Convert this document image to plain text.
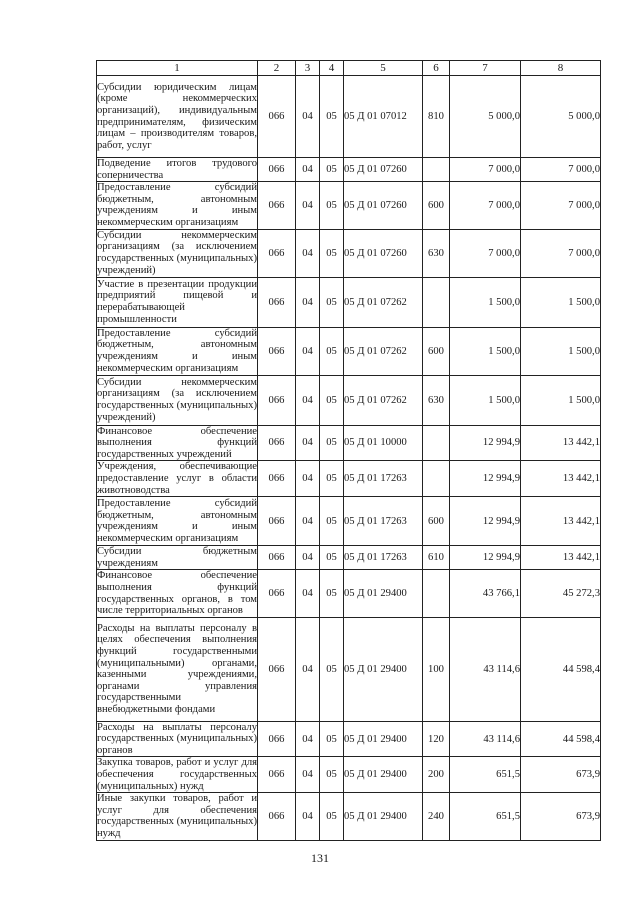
1	2	3	4	5	6	7	8
Субсидии юридическим лицам (кроме некоммерческих организаций), индивидуальным предпринимателям, физическим лицам – производителям товаров, работ, услуг	066	04	05	05 Д 01 07012	810	5 000,0	5 000,0
Подведение итогов трудового соперничества	066	04	05	05 Д 01 07260		7 000,0	7 000,0
Предоставление субсидий бюджетным, автономным учреждениям и иным некоммерческим организациям	066	04	05	05 Д 01 07260	600	7 000,0	7 000,0
Субсидии некоммерческим организациям (за исключением государственных (муниципальных) учреждений)	066	04	05	05 Д 01 07260	630	7 000,0	7 000,0
Участие в презентации продукции предприятий пищевой и перерабатывающей промышленности	066	04	05	05 Д 01 07262		1 500,0	1 500,0
Предоставление субсидий бюджетным, автономным учреждениям и иным некоммерческим организациям	066	04	05	05 Д 01 07262	600	1 500,0	1 500,0
Субсидии некоммерческим организациям (за исключением государственных (муниципальных) учреждений)	066	04	05	05 Д 01 07262	630	1 500,0	1 500,0
Финансовое обеспечение выполнения функций государственных учреждений	066	04	05	05 Д 01 10000		12 994,9	13 442,1
Учреждения, обеспечивающие предоставление услуг в области животноводства	066	04	05	05 Д 01 17263		12 994,9	13 442,1
Предоставление субсидий бюджетным, автономным учреждениям и иным некоммерческим организациям	066	04	05	05 Д 01 17263	600	12 994,9	13 442,1
Субсидии бюджетным учреждениям	066	04	05	05 Д 01 17263	610	12 994,9	13 442,1
Финансовое обеспечение выполнения функций государственных органов, в том числе территориальных органов	066	04	05	05 Д 01 29400		43 766,1	45 272,3
Расходы на выплаты персоналу в целях обеспечения выполнения функций государственными (муниципальными) органами, казенными учреждениями, органами управления государственными внебюджетными фондами	066	04	05	05 Д 01 29400	100	43 114,6	44 598,4
Расходы на выплаты персоналу государственных (муниципальных) органов	066	04	05	05 Д 01 29400	120	43 114,6	44 598,4
Закупка товаров, работ и услуг для обеспечения государственных (муниципальных) нужд	066	04	05	05 Д 01 29400	200	651,5	673,9
Иные закупки товаров, работ и услуг для обеспечения государственных (муниципальных) нужд	066	04	05	05 Д 01 29400	240	651,5	673,9
131
